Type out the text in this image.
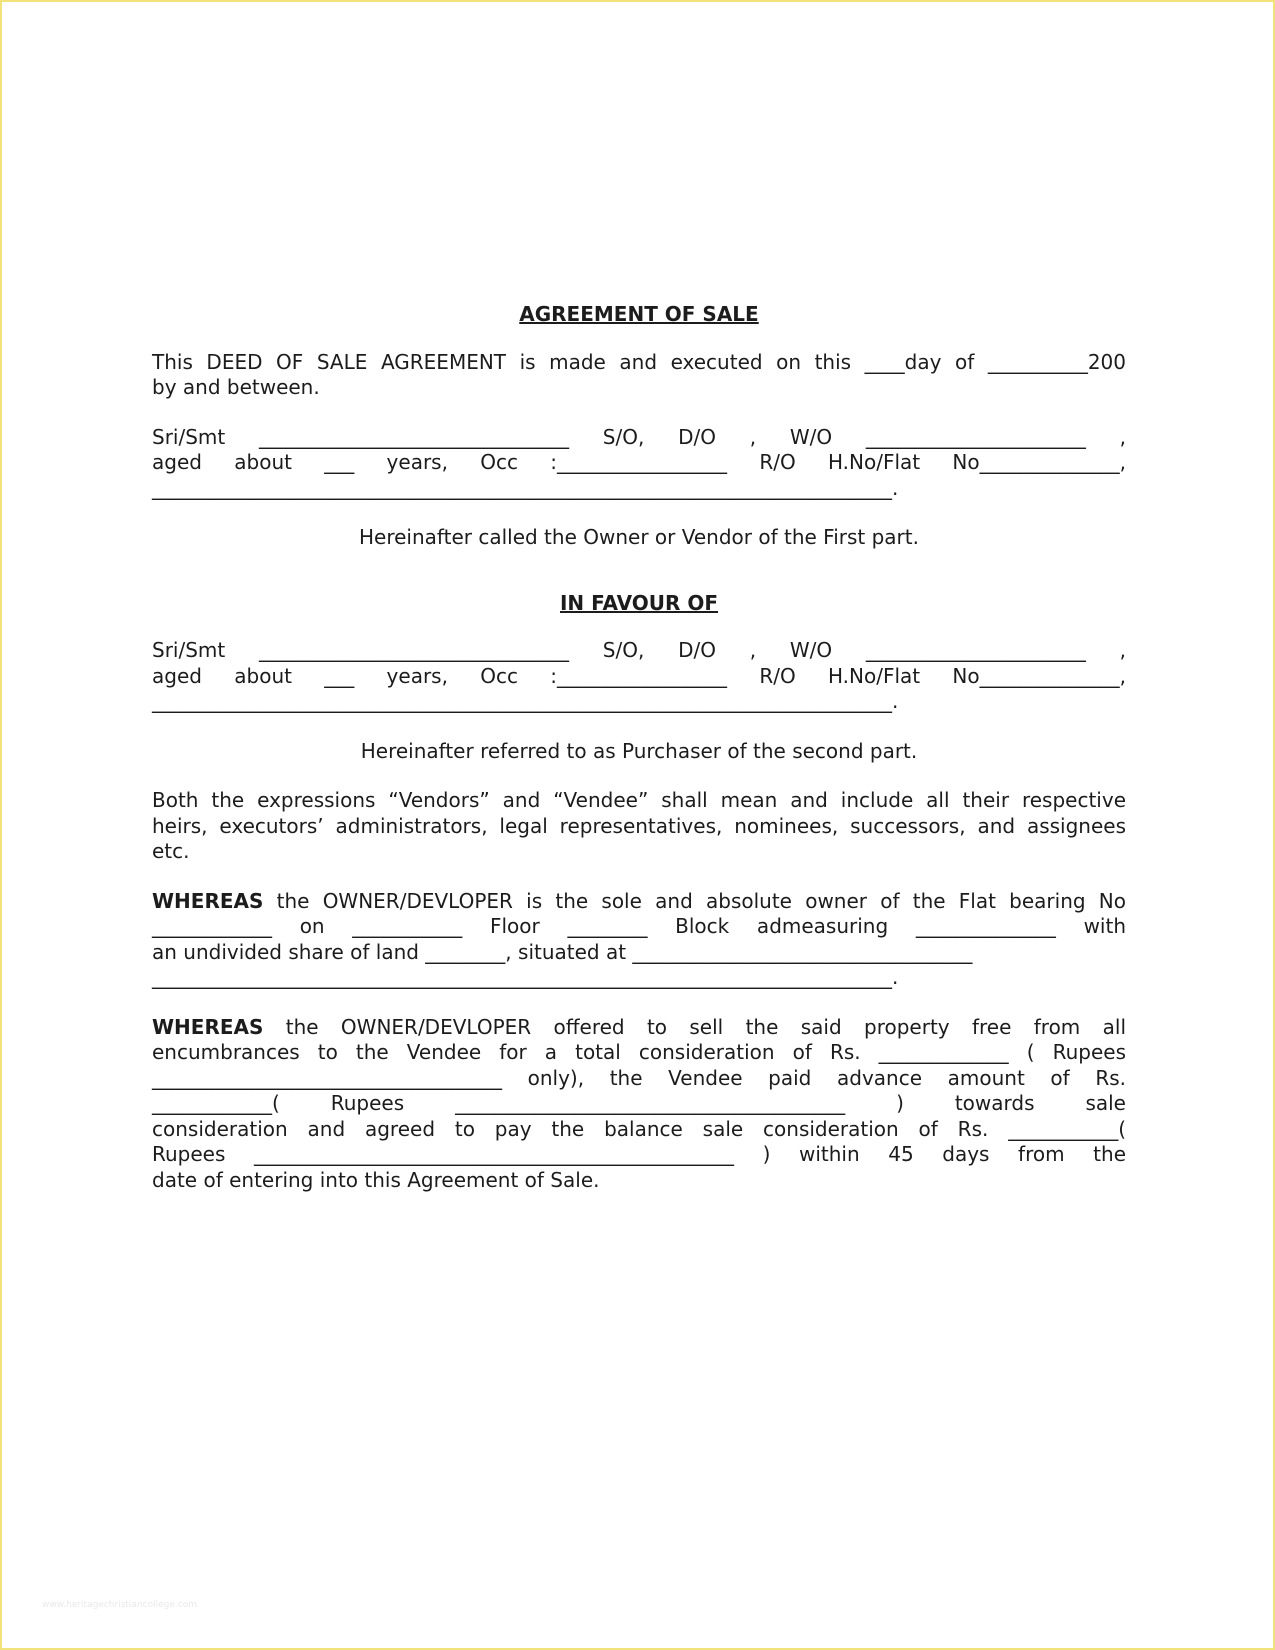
AGREEMENT OF SALE
This DEED OF SALE AGREEMENT is made and executed on this ____day of __________200
by and between.
Sri/Smt _______________________________ S/O, D/O , W/O ______________________ ,
aged about ___ years, Occ :_________________ R/O H.No/Flat No______________,
__________________________________________________________________________.
Hereinafter called the Owner or Vendor of the First part.
IN FAVOUR OF
Sri/Smt _______________________________ S/O, D/O , W/O ______________________ ,
aged about ___ years, Occ :_________________ R/O H.No/Flat No______________,
__________________________________________________________________________.
Hereinafter referred to as Purchaser of the second part.
Both the expressions “Vendors” and “Vendee” shall mean and include all their respective
heirs, executors’ administrators, legal representatives, nominees, successors, and assignees
etc.
WHEREAS the OWNER/DEVLOPER is the sole and absolute owner of the Flat bearing No
____________ on ___________ Floor ________ Block admeasuring ______________ with
an undivided share of land ________, situated at __________________________________
__________________________________________________________________________.
WHEREAS the OWNER/DEVLOPER offered to sell the said property free from all
encumbrances to the Vendee for a total consideration of Rs. _____________ ( Rupees
___________________________________ only), the Vendee paid advance amount of Rs.
____________( Rupees _______________________________________ ) towards sale
consideration and agreed to pay the balance sale consideration of Rs. ___________(
Rupees ________________________________________________ ) within 45 days from the
date of entering into this Agreement of Sale.
www.heritagechristiancollege.com
